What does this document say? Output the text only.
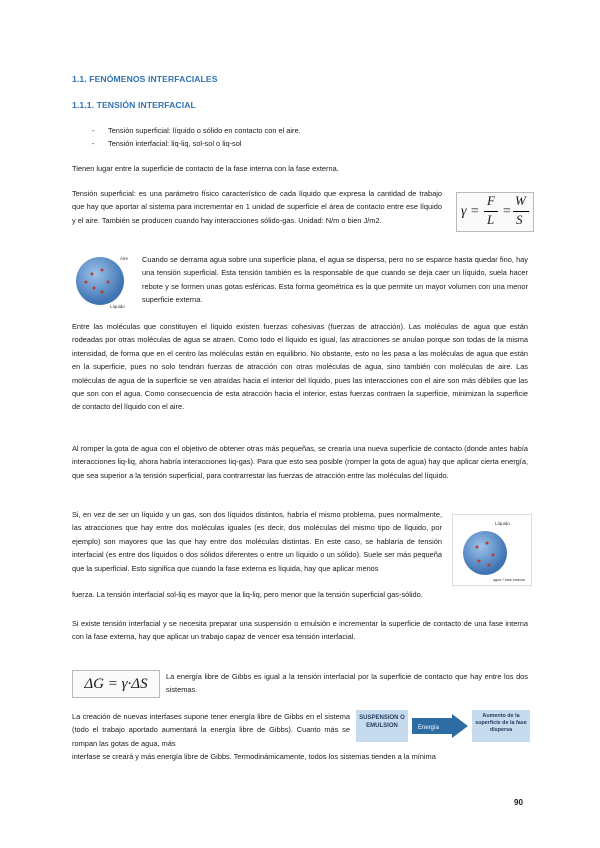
1.1. FENÓMENOS INTERFACIALES
1.1.1. TENSIÓN INTERFACIAL
- Tensión superficial: líquido o sólido en contacto con el aire.
- Tensión interfacial: liq-liq, sol-sol o liq-sol
Tienen lugar entre la superficie de contacto de la fase interna con la fase externa.
Tensión superficial: es una parámetro físico característico de cada líquido que expresa la cantidad de trabajo que hay que aportar al sistema para incrementar en 1 unidad de superficie el área de contacto entre ese líquido y el aire. También se producen cuando hay interacciones sólido-gas. Unidad: N/m o bien J/m2.
γ =
F
L
=
W
S
Aire
Líquido
Cuando se derrama agua sobre una superficie plana, el agua se dispersa, pero no se esparce hasta quedar fino, hay una tensión superficial. Esta tensión también es la responsable de que cuando se deja caer un líquido, suela hacer rebote y se formen unas gotas esféricas. Esta forma geométrica es la que permite un mayor volumen con una menor superficie externa.
Entre las moléculas que constituyen el líquido existen fuerzas cohesivas (fuerzas de atracción). Las moléculas de agua que están rodeadas por otras moléculas de agua se atraen. Como todo el líquido es igual, las atracciones se anulan porque son todas de la misma intensidad, de forma que en el centro las moléculas están en equilibrio. No obstante, esto no les pasa a las moléculas de agua que están en la superficie, pues no solo tendrán fuerzas de atracción con otras moléculas de agua, sino también con moléculas de aire. Las moléculas de agua de la superficie se ven atraídas hacia el interior del líquido, pues las interacciones con el aire son más débiles que las que son con el agua. Como consecuencia de esta atracción hacia el interior, estas fuerzas contraen la superficie, minimizan la superficie de contacto del líquido con el aire.
Al romper la gota de agua con el objetivo de obtener otras más pequeñas, se crearía una nueva superficie de contacto (donde antes había interacciones liq-liq, ahora habría interacciones liq-gas). Para que esto sea posible (romper la gota de agua) hay que aplicar cierta energía, que sea superior a la tensión superficial, para contrarrestar las fuerzas de atracción entre las moléculas del líquido.
Si, en vez de ser un líquido y un gas, son dos líquidos distintos, habría el mismo problema, pues normalmente, las atracciones que hay entre dos moléculas iguales (es decir, dos moléculas del mismo tipo de líquido, por ejemplo) son mayores que las que hay entre dos moléculas distintas. En este caso, se hablaría de tensión interfacial (es entre dos líquidos o dos sólidos diferentes o entre un líquido o un sólido). Suele ser más pequeña que la superficial. Esto significa que cuando la fase externa es líquida, hay que aplicar menos
Líquido
agua + fase externa
fuerza. La tensión interfacial sol-liq es mayor que la liq-liq, pero menor que la tensión superficial gas-sólido.
Si existe tensión interfacial y se necesita preparar una suspensión o emulsión e incrementar la superficie de contacto de una fase interna con la fase externa, hay que aplicar un trabajo capaz de vencer esa tensión interfacial.
ΔG = γ·ΔS	La energía libre de Gibbs es igual a la tensión interfacial por la superficie de contacto que hay entre los dos sistemas.
SUSPENSION O EMULSION	Energía
Aumento de la superficie de la fase dispersa
La creación de nuevas interfases supone tener energía libre de Gibbs en el sistema (todo el trabajo aportado aumentará la energía libre de Gibbs). Cuanto más se rompan las gotas de agua, más
interfase se creará y más energía libre de Gibbs. Termodinámicamente, todos los sistemas tienden a la mínima
90
